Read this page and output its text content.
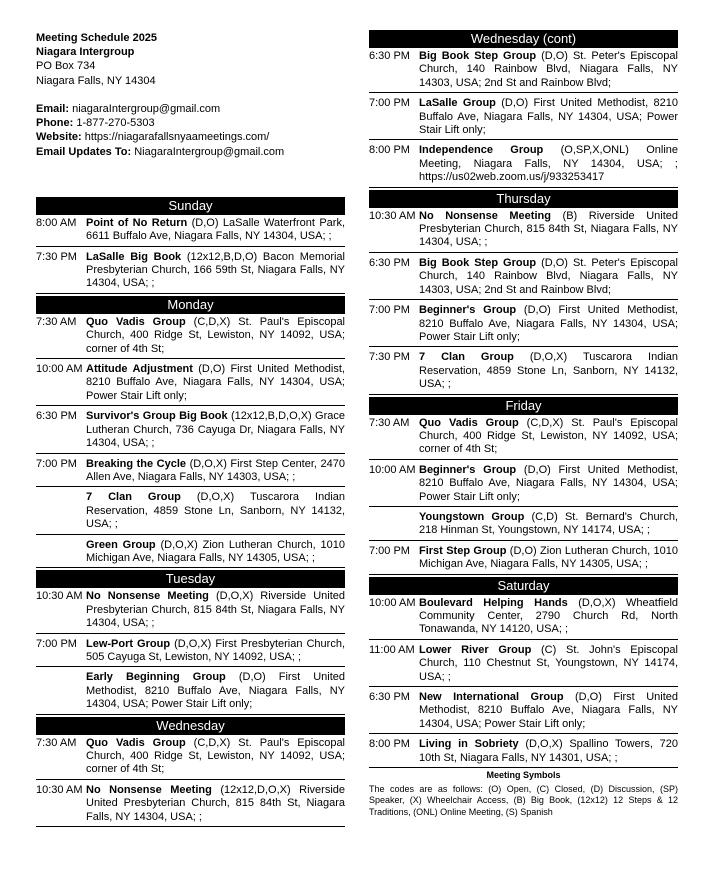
Meeting Schedule 2025
Niagara Intergroup
PO Box 734
Niagara Falls, NY 14304
Email: niagaraIntergroup@gmail.com
Phone: 1-877-270-5303
Website: https://niagarafallsnyaameetings.com/
Email Updates To: NiagaraIntergroup@gmail.com
Sunday
8:00 AM Point of No Return (D,O) LaSalle Waterfront Park, 6611 Buffalo Ave, Niagara Falls, NY 14304, USA; ;
7:30 PM LaSalle Big Book (12x12,B,D,O) Bacon Memorial Presbyterian Church, 166 59th St, Niagara Falls, NY 14304, USA; ;
Monday
7:30 AM Quo Vadis Group (C,D,X) St. Paul's Episcopal Church, 400 Ridge St, Lewiston, NY 14092, USA; corner of 4th St;
10:00 AM Attitude Adjustment (D,O) First United Methodist, 8210 Buffalo Ave, Niagara Falls, NY 14304, USA; Power Stair Lift only;
6:30 PM Survivor's Group Big Book (12x12,B,D,O,X) Grace Lutheran Church, 736 Cayuga Dr, Niagara Falls, NY 14304, USA; ;
7:00 PM Breaking the Cycle (D,O,X) First Step Center, 2470 Allen Ave, Niagara Falls, NY 14303, USA; ;
7 Clan Group (D,O,X) Tuscarora Indian Reservation, 4859 Stone Ln, Sanborn, NY 14132, USA; ;
Green Group (D,O,X) Zion Lutheran Church, 1010 Michigan Ave, Niagara Falls, NY 14305, USA; ;
Tuesday
10:30 AM No Nonsense Meeting (D,O,X) Riverside United Presbyterian Church, 815 84th St, Niagara Falls, NY 14304, USA; ;
7:00 PM Lew-Port Group (D,O,X) First Presbyterian Church, 505 Cayuga St, Lewiston, NY 14092, USA; ;
Early Beginning Group (D,O) First United Methodist, 8210 Buffalo Ave, Niagara Falls, NY 14304, USA; Power Stair Lift only;
Wednesday
7:30 AM Quo Vadis Group (C,D,X) St. Paul's Episcopal Church, 400 Ridge St, Lewiston, NY 14092, USA; corner of 4th St;
10:30 AM No Nonsense Meeting (12x12,D,O,X) Riverside United Presbyterian Church, 815 84th St, Niagara Falls, NY 14304, USA; ;
Wednesday (cont)
6:30 PM Big Book Step Group (D,O) St. Peter's Episcopal Church, 140 Rainbow Blvd, Niagara Falls, NY 14303, USA; 2nd St and Rainbow Blvd;
7:00 PM LaSalle Group (D,O) First United Methodist, 8210 Buffalo Ave, Niagara Falls, NY 14304, USA; Power Stair Lift only;
8:00 PM Independence Group (O,SP,X,ONL) Online Meeting, Niagara Falls, NY 14304, USA; ; https://us02web.zoom.us/j/933253417
Thursday
10:30 AM No Nonsense Meeting (B) Riverside United Presbyterian Church, 815 84th St, Niagara Falls, NY 14304, USA; ;
6:30 PM Big Book Step Group (D,O) St. Peter's Episcopal Church, 140 Rainbow Blvd, Niagara Falls, NY 14303, USA; 2nd St and Rainbow Blvd;
7:00 PM Beginner's Group (D,O) First United Methodist, 8210 Buffalo Ave, Niagara Falls, NY 14304, USA; Power Stair Lift only;
7:30 PM 7 Clan Group (D,O,X) Tuscarora Indian Reservation, 4859 Stone Ln, Sanborn, NY 14132, USA; ;
Friday
7:30 AM Quo Vadis Group (C,D,X) St. Paul's Episcopal Church, 400 Ridge St, Lewiston, NY 14092, USA; corner of 4th St;
10:00 AM Beginner's Group (D,O) First United Methodist, 8210 Buffalo Ave, Niagara Falls, NY 14304, USA; Power Stair Lift only;
Youngstown Group (C,D) St. Bernard's Church, 218 Hinman St, Youngstown, NY 14174, USA; ;
7:00 PM First Step Group (D,O) Zion Lutheran Church, 1010 Michigan Ave, Niagara Falls, NY 14305, USA; ;
Saturday
10:00 AM Boulevard Helping Hands (D,O,X) Wheatfield Community Center, 2790 Church Rd, North Tonawanda, NY 14120, USA; ;
11:00 AM Lower River Group (C) St. John's Episcopal Church, 110 Chestnut St, Youngstown, NY 14174, USA; ;
6:30 PM New International Group (D,O) First United Methodist, 8210 Buffalo Ave, Niagara Falls, NY 14304, USA; Power Stair Lift only;
8:00 PM Living in Sobriety (D,O,X) Spallino Towers, 720 10th St, Niagara Falls, NY 14301, USA; ;
Meeting Symbols
The codes are as follows: (O) Open, (C) Closed, (D) Discussion, (SP) Speaker, (X) Wheelchair Access, (B) Big Book, (12x12) 12 Steps & 12 Traditions, (ONL) Online Meeting, (S) Spanish
